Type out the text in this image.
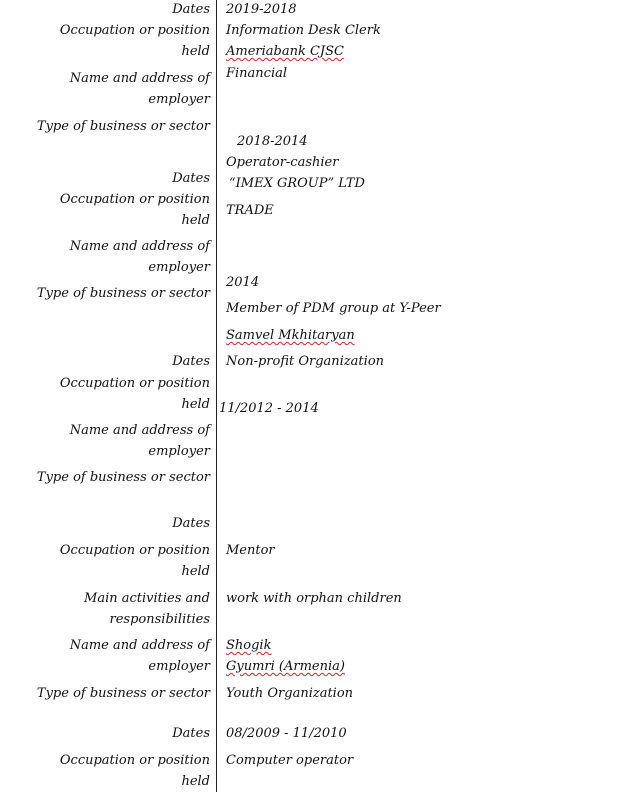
Dates
Occupation or position
held
Name and address of
employer
Type of business or sector
2019-2018
Information Desk Clerk
Ameriabank CJSC
Financial
Dates
Occupation or position
held
Name and address of
employer
Type of business or sector
2018-2014
Operator-cashier
“IMEX GROUP” LTD
TRADE
Dates
Occupation or position
held
Name and address of
employer
Type of business or sector
2014
Member of PDM group at Y-Peer
Samvel Mkhitaryan
Non-profit Organization
Dates
Occupation or position
held
Main activities and
responsibilities
Name and address of
employer
Type of business or sector
11/2012 - 2014
Mentor
work with orphan children
Shogik
Gyumri (Armenia)
Youth Organization
Dates
Occupation or position
held
08/2009 - 11/2010
Computer operator
